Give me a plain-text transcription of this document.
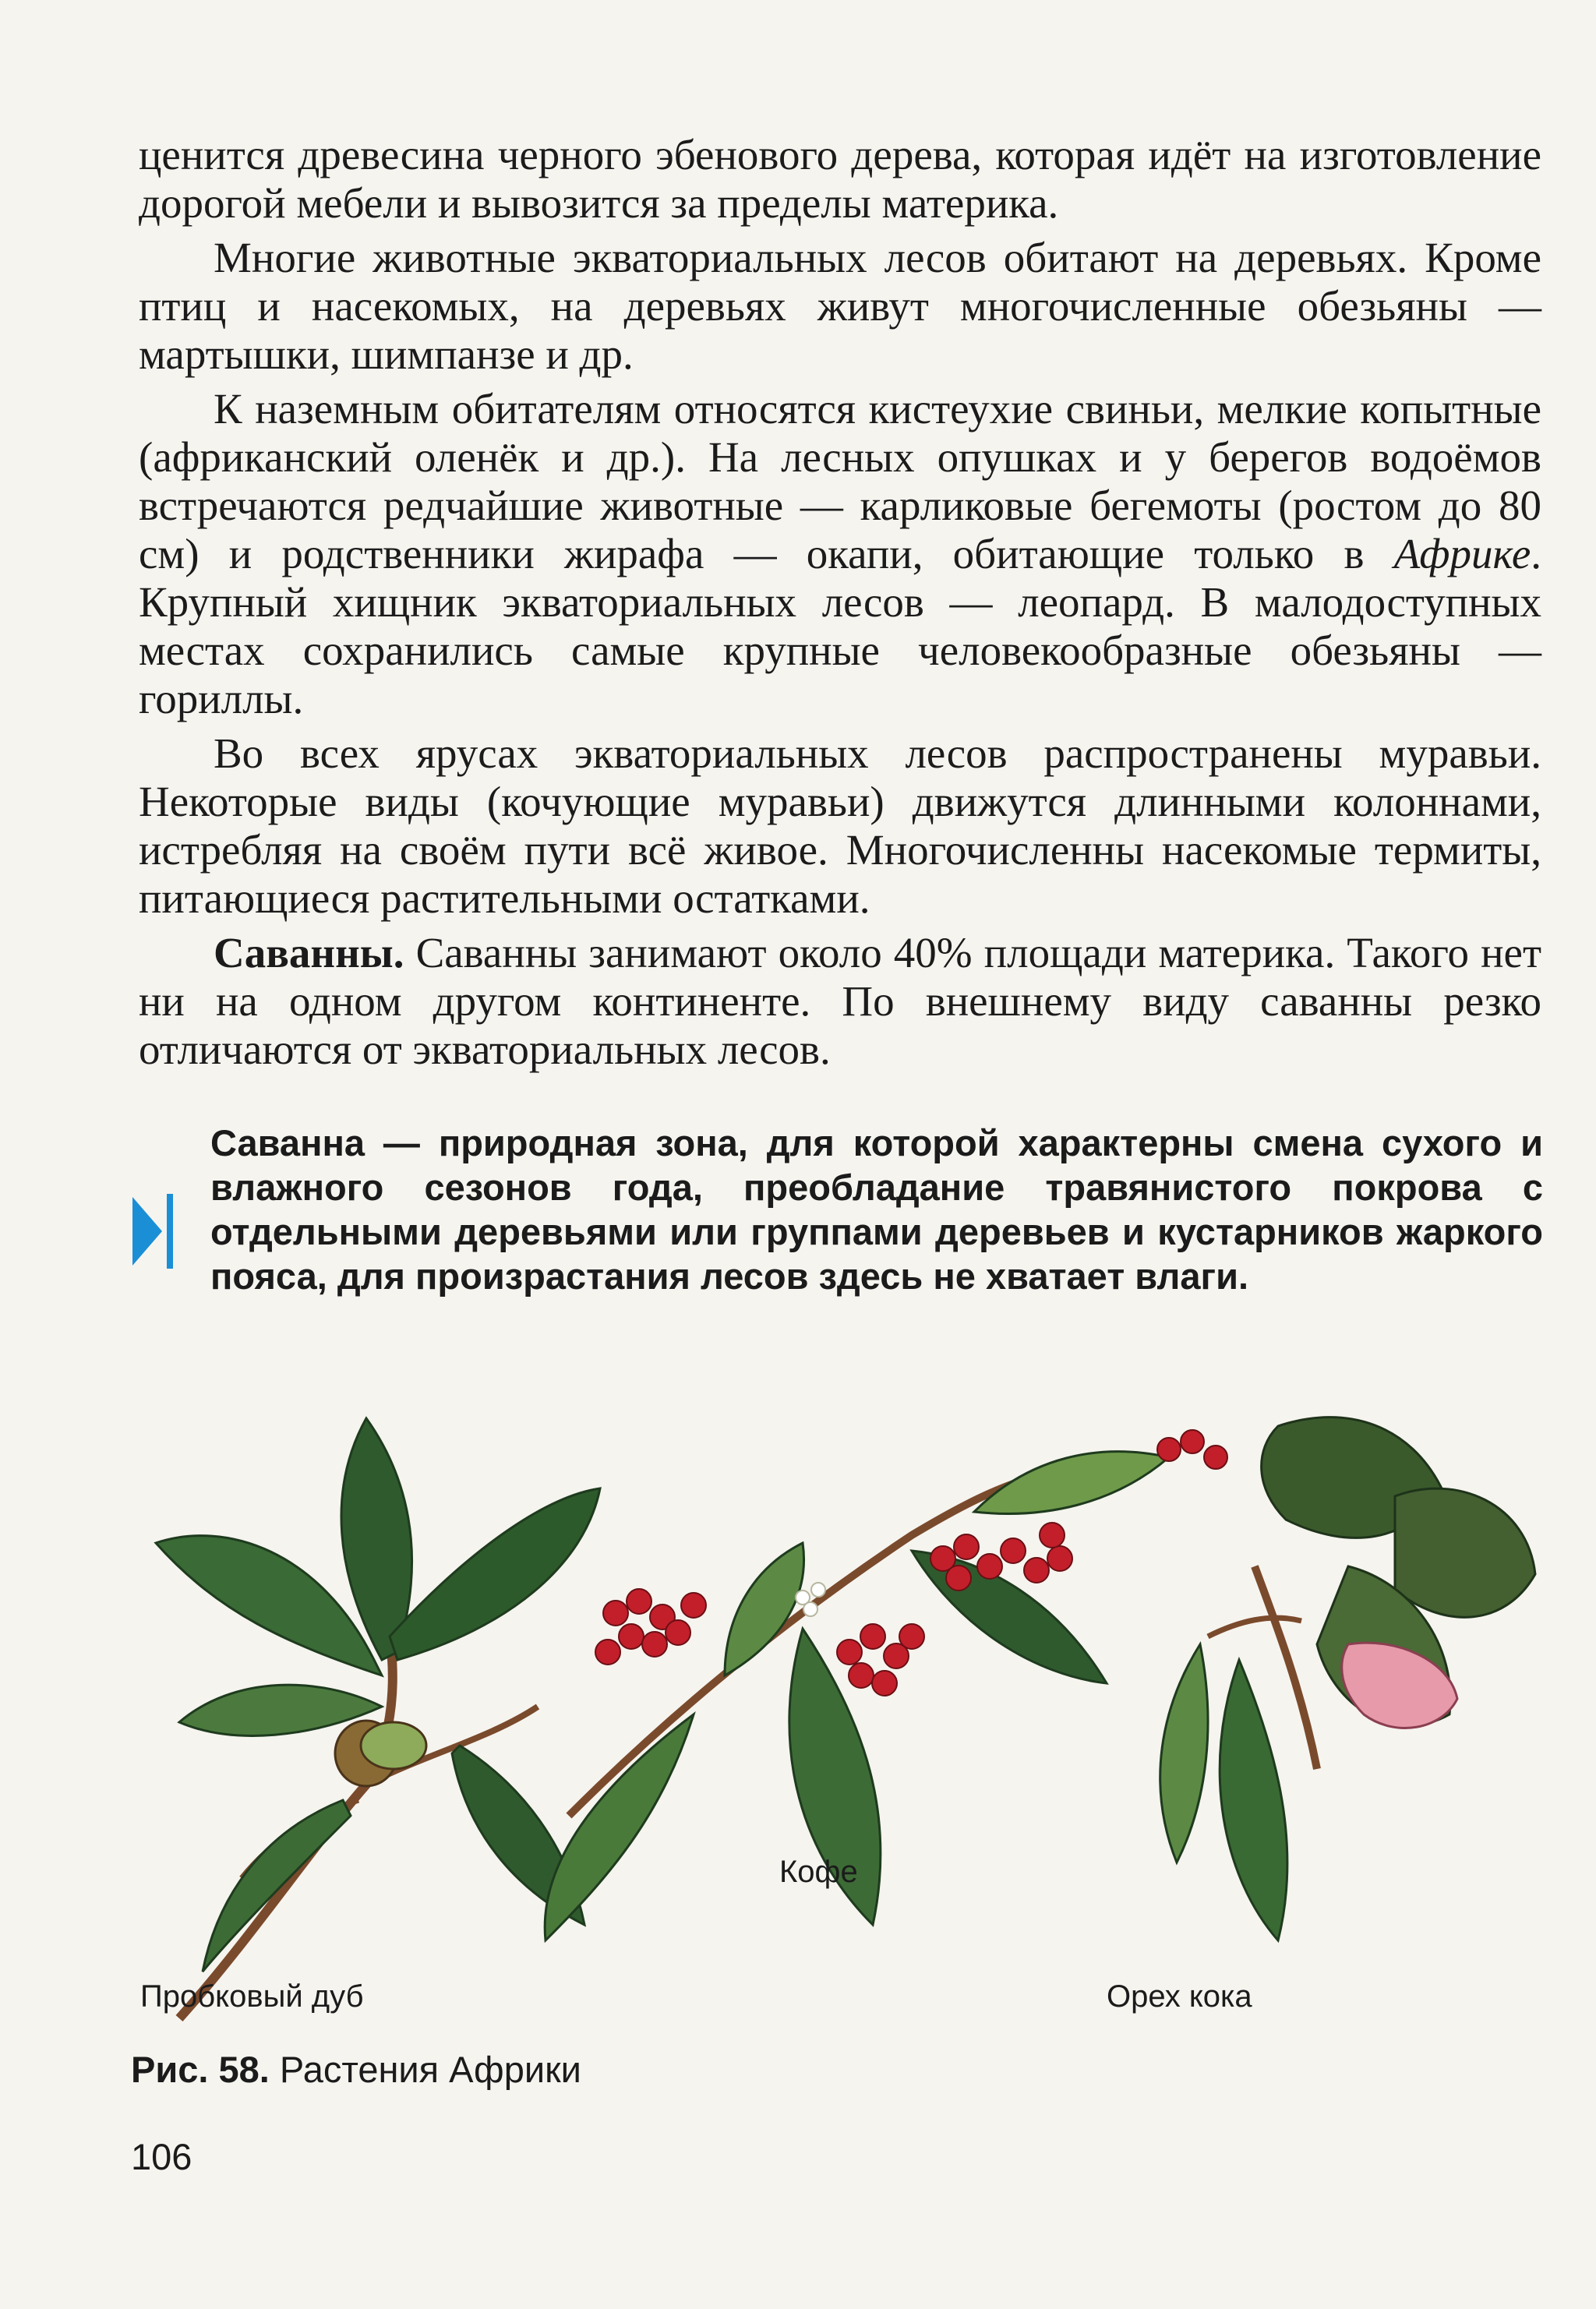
ценится древесина черного эбенового дерева, которая идёт на изготовление дорогой мебели и вывозится за пределы материка.

Многие животные экваториальных лесов обитают на деревьях. Кроме птиц и насекомых, на деревьях живут многочисленные обезьяны — мартышки, шимпанзе и др.

К наземным обитателям относятся кистеухие свиньи, мелкие копытные (африканский оленёк и др.). На лесных опушках и у берегов водоёмов встречаются редчайшие животные — карликовые бегемоты (ростом до 80 см) и родственники жирафа — окапи, обитающие только в Африке. Крупный хищник экваториальных лесов — леопард. В малодоступных местах сохранились самые крупные человекообразные обезьяны — гориллы.

Во всех ярусах экваториальных лесов распространены муравьи. Некоторые виды (кочующие муравьи) движутся длинными колоннами, истребляя на своём пути всё живое. Многочисленны насекомые термиты, питающиеся растительными остатками.

Саванны. Саванны занимают около 40% площади материка. Такого нет ни на одном другом континенте. По внешнему виду саванны резко отличаются от экваториальных лесов.

Саванна — природная зона, для которой характерны смена сухого и влажного сезонов года, преобладание травянистого покрова с отдельными деревьями или группами деревьев и кустарников жаркого пояса, для произрастания лесов здесь не хватает влаги.
Пробковый дуб
Кофе
Орех кока
Рис. 58. Растения Африки
106
